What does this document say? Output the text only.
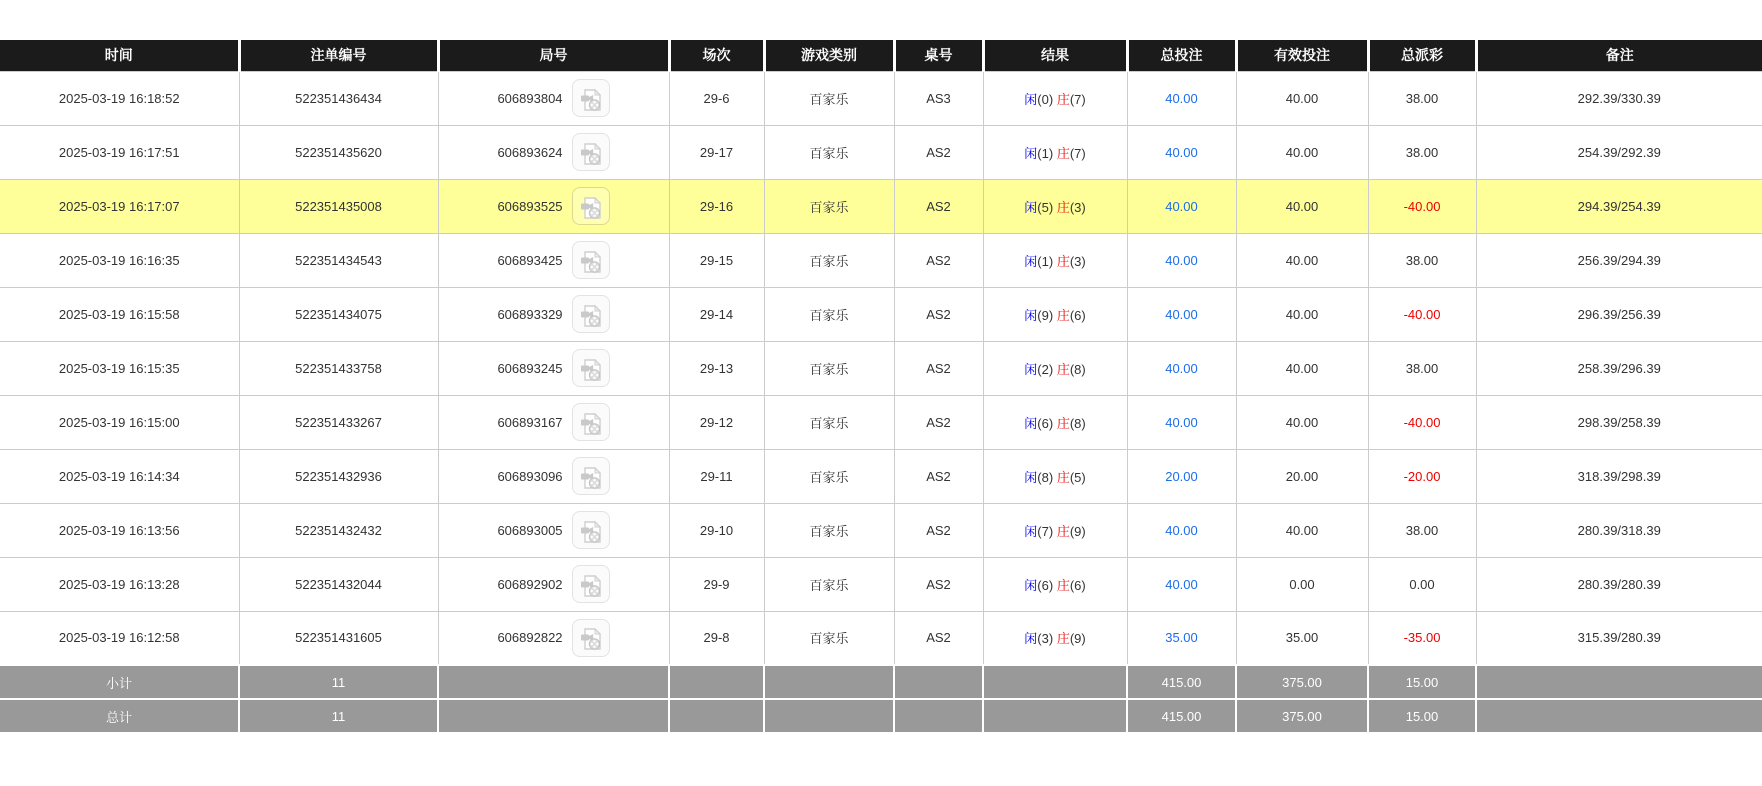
时间	注单编号	局号	场次	游戏类别	桌号	结果	总投注	有效投注	总派彩	备注
2025-03-19 16:18:52	522351436434	606893804	29-6	百家乐	AS3	闲(0) 庄(7)	40.00	40.00	38.00	292.39/330.39
2025-03-19 16:17:51	522351435620	606893624	29-17	百家乐	AS2	闲(1) 庄(7)	40.00	40.00	38.00	254.39/292.39
2025-03-19 16:17:07	522351435008	606893525	29-16	百家乐	AS2	闲(5) 庄(3)	40.00	40.00	-40.00	294.39/254.39
2025-03-19 16:16:35	522351434543	606893425	29-15	百家乐	AS2	闲(1) 庄(3)	40.00	40.00	38.00	256.39/294.39
2025-03-19 16:15:58	522351434075	606893329	29-14	百家乐	AS2	闲(9) 庄(6)	40.00	40.00	-40.00	296.39/256.39
2025-03-19 16:15:35	522351433758	606893245	29-13	百家乐	AS2	闲(2) 庄(8)	40.00	40.00	38.00	258.39/296.39
2025-03-19 16:15:00	522351433267	606893167	29-12	百家乐	AS2	闲(6) 庄(8)	40.00	40.00	-40.00	298.39/258.39
2025-03-19 16:14:34	522351432936	606893096	29-11	百家乐	AS2	闲(8) 庄(5)	20.00	20.00	-20.00	318.39/298.39
2025-03-19 16:13:56	522351432432	606893005	29-10	百家乐	AS2	闲(7) 庄(9)	40.00	40.00	38.00	280.39/318.39
2025-03-19 16:13:28	522351432044	606892902	29-9	百家乐	AS2	闲(6) 庄(6)	40.00	0.00	0.00	280.39/280.39
2025-03-19 16:12:58	522351431605	606892822	29-8	百家乐	AS2	闲(3) 庄(9)	35.00	35.00	-35.00	315.39/280.39
小计	11						415.00	375.00	15.00	
总计	11						415.00	375.00	15.00	
